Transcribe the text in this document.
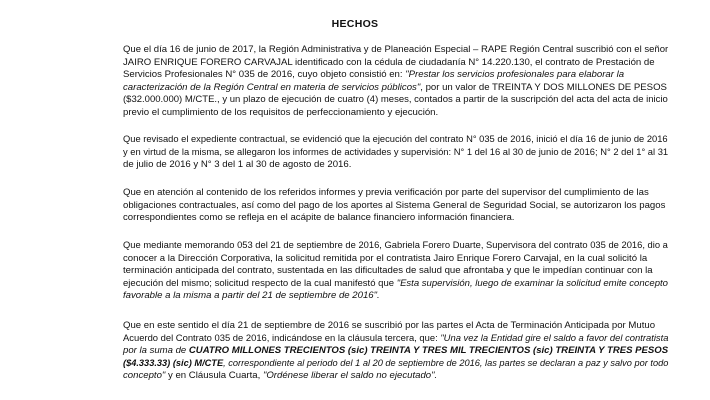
HECHOS

Que el día 16 de junio de 2017, la Región Administrativa y de Planeación Especial – RAPE Región Central suscribió con el señor
JAIRO ENRIQUE FORERO CARVAJAL identificado con la cédula de ciudadanía N° 14.220.130, el contrato de Prestación de
Servicios Profesionales N° 035 de 2016, cuyo objeto consistió en: "Prestar los servicios profesionales para elaborar la
caracterización de la Región Central en materia de servicios públicos", por un valor de TREINTA Y DOS MILLONES DE PESOS
($32.000.000) M/CTE., y un plazo de ejecución de cuatro (4) meses, contados a partir de la suscripción del acta del acta de inicio
previo el cumplimiento de los requisitos de perfeccionamiento y ejecución.

Que revisado el expediente contractual, se evidenció que la ejecución del contrato N° 035 de 2016, inició el día 16 de junio de 2016
y en virtud de la misma, se allegaron los informes de actividades y supervisión: N° 1 del 16 al 30 de junio de 2016; N° 2 del 1° al 31
de julio de 2016 y N° 3 del 1 al 30 de agosto de 2016.

Que en atención al contenido de los referidos informes y previa verificación por parte del supervisor del cumplimiento de las
obligaciones contractuales, así como del pago de los aportes al Sistema General de Seguridad Social, se autorizaron los pagos
correspondientes como se refleja en el acápite de balance financiero información financiera.

Que mediante memorando 053 del 21 de septiembre de 2016, Gabriela Forero Duarte, Supervisora del contrato 035 de 2016, dio a
conocer a la Dirección Corporativa, la solicitud remitida por el contratista Jairo Enrique Forero Carvajal, en la cual solicitó la
terminación anticipada del contrato, sustentada en las dificultades de salud que afrontaba y que le impedían continuar con la
ejecución del mismo; solicitud respecto de la cual manifestó que "Esta supervisión, luego de examinar la solicitud emite concepto
favorable a la misma a partir del 21 de septiembre de 2016".

Que en este sentido el día 21 de septiembre de 2016 se suscribió por las partes el Acta de Terminación Anticipada por Mutuo
Acuerdo del Contrato 035 de 2016, indicándose en la cláusula tercera, que: "Una vez la Entidad gire el saldo a favor del contratista
por la suma de CUATRO MILLONES TRECIENTOS (sic) TREINTA Y TRES MIL TRECIENTOS (sic) TREINTA Y TRES PESOS
($4.333.33) (sic) M/CTE, correspondiente al periodo del 1 al 20 de septiembre de 2016, las partes se declaran a paz y salvo por todo
concepto" y en Cláusula Cuarta, "Ordénese liberar el saldo no ejecutado".
